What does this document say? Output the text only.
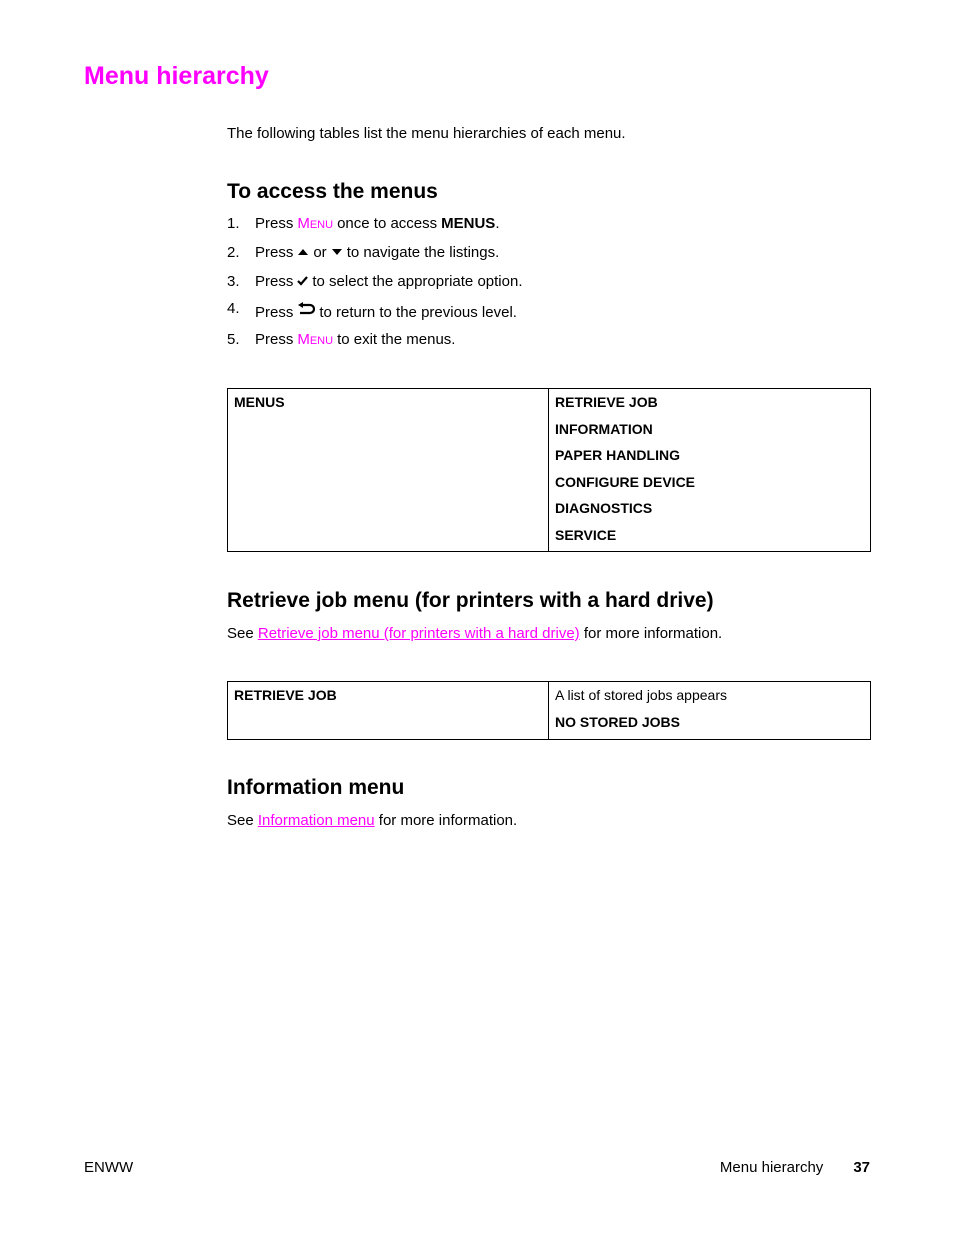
Menu hierarchy
The following tables list the menu hierarchies of each menu.
To access the menus
1.	Press MENU once to access MENUS .
2.	Press or to navigate the listings.
3.	Press to select the appropriate option.
4.	Press to return to the previous level.
5.	Press MENU to exit the menus.
MENUS	RETRIEVE JOB
INFORMATION
PAPER HANDLING
CONFIGURE DEVICE
DIAGNOSTICS
SERVICE
Retrieve job menu (for printers with a hard drive)
See Retrieve job menu (for printers with a hard drive) for more information.
RETRIEVE JOB	A list of stored jobs appears
NO STORED JOBS
Information menu
See Information menu for more information.
ENWW	Menu hierarchy 37
